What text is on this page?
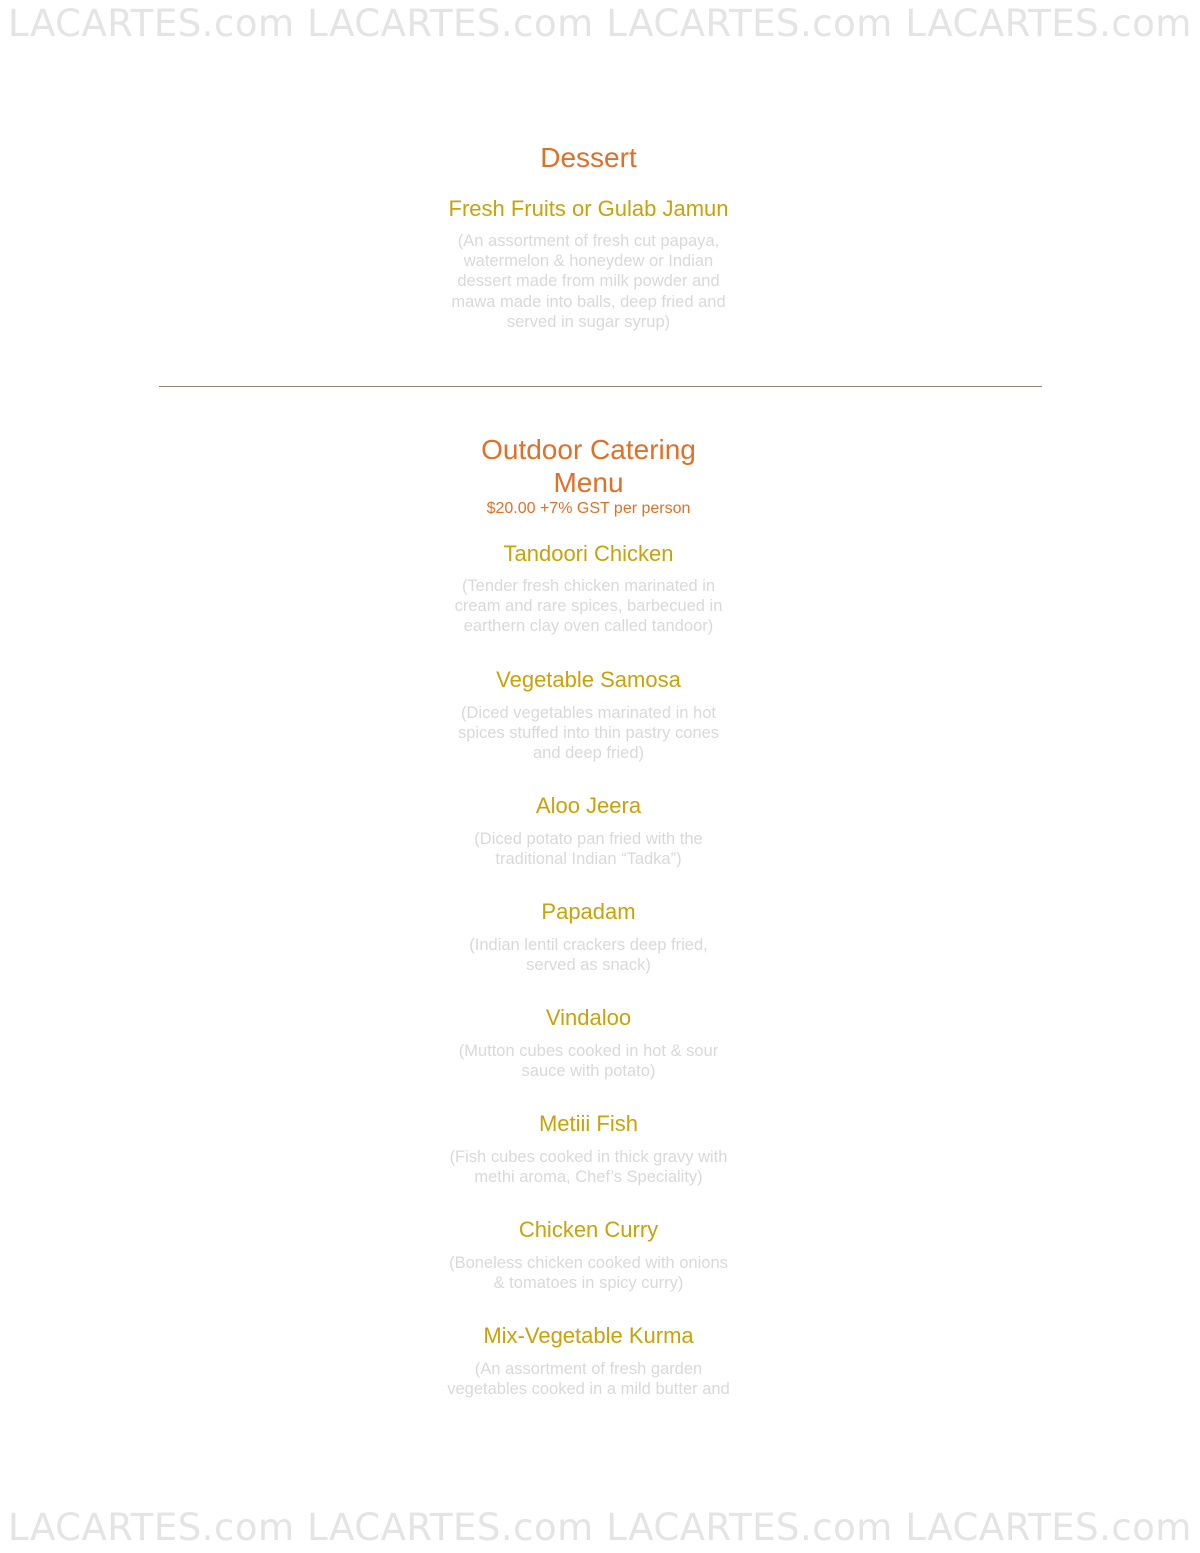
LACARTES.com LACARTES.com LACARTES.com LACARTES.com
Dessert
Fresh Fruits or Gulab Jamun
(An assortment of fresh cut papaya,
watermelon & honeydew or Indian
dessert made from milk powder and
mawa made into balls, deep fried and
served in sugar syrup)
Outdoor Catering
Menu
$20.00 +7% GST per person
Tandoori Chicken
(Tender fresh chicken marinated in
cream and rare spices, barbecued in
earthern clay oven called tandoor)
Vegetable Samosa
(Diced vegetables marinated in hot
spices stuffed into thin pastry cones
and deep fried)
Aloo Jeera
(Diced potato pan fried with the
traditional Indian “Tadka”)
Papadam
(Indian lentil crackers deep fried,
served as snack)
Vindaloo
(Mutton cubes cooked in hot & sour
sauce with potato)
Metiii Fish
(Fish cubes cooked in thick gravy with
methi aroma, Chef’s Speciality)
Chicken Curry
(Boneless chicken cooked with onions
& tomatoes in spicy curry)
Mix-Vegetable Kurma
(An assortment of fresh garden
vegetables cooked in a mild butter and
LACARTES.com LACARTES.com LACARTES.com LACARTES.com
